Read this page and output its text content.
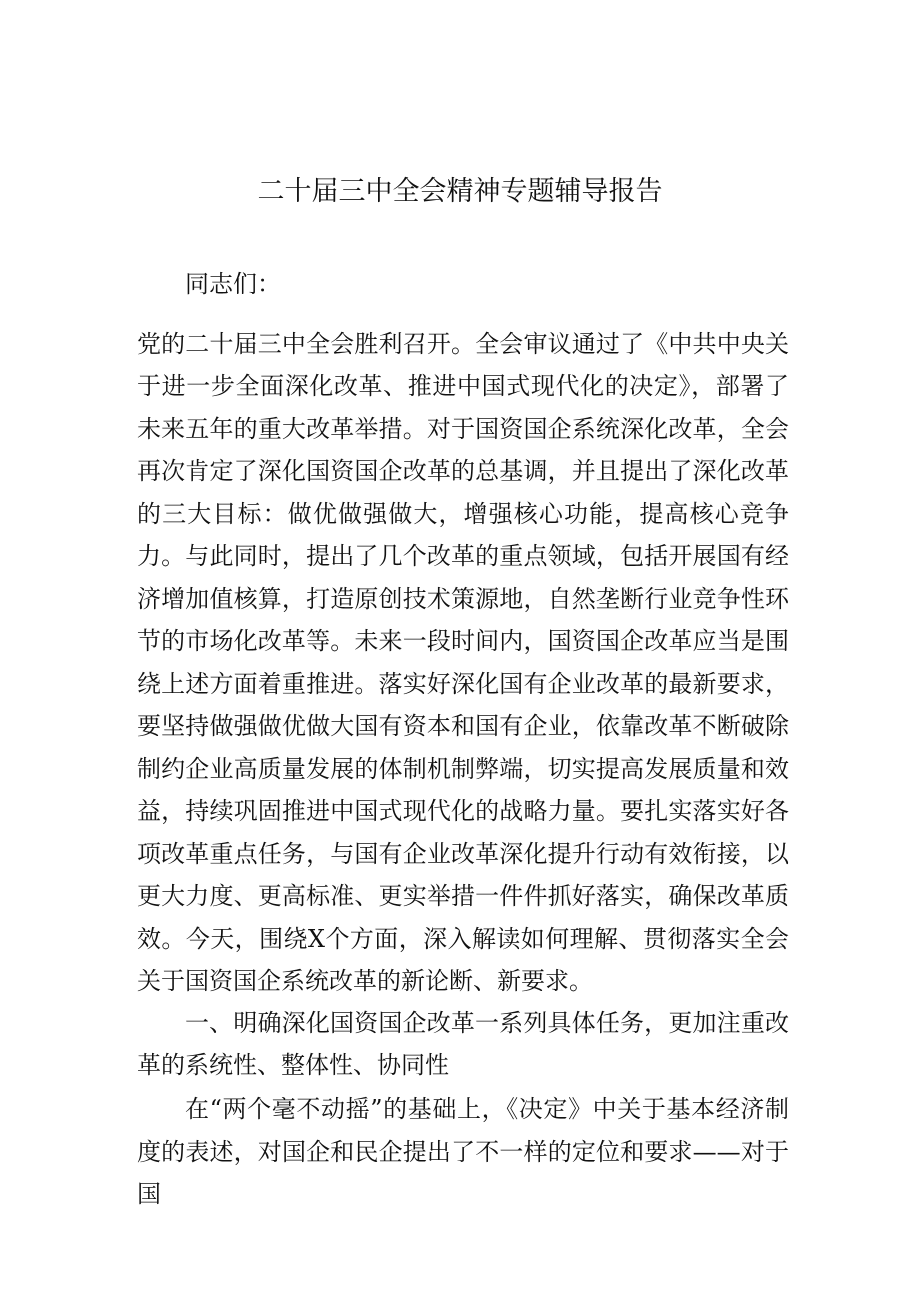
二十届三中全会精神专题辅导报告

同志们：

党的二十届三中全会胜利召开。全会审议通过了《中共中央关于进一步全面深化改革、推进中国式现代化的决定》，部署了未来五年的重大改革举措。对于国资国企系统深化改革，全会再次肯定了深化国资国企改革的总基调，并且提出了深化改革的三大目标：做优做强做大，增强核心功能，提高核心竞争力。与此同时，提出了几个改革的重点领域，包括开展国有经济增加值核算，打造原创技术策源地，自然垄断行业竞争性环节的市场化改革等。未来一段时间内，国资国企改革应当是围绕上述方面着重推进。落实好深化国有企业改革的最新要求，要坚持做强做优做大国有资本和国有企业，依靠改革不断破除制约企业高质量发展的体制机制弊端，切实提高发展质量和效益，持续巩固推进中国式现代化的战略力量。要扎实落实好各项改革重点任务，与国有企业改革深化提升行动有效衔接，以更大力度、更高标准、更实举措一件件抓好落实，确保改革质效。今天，围绕X个方面，深入解读如何理解、贯彻落实全会关于国资国企系统改革的新论断、新要求。

一、明确深化国资国企改革一系列具体任务，更加注重改革的系统性、整体性、协同性

在“两个毫不动摇”的基础上，《决定》中关于基本经济制度的表述，对国企和民企提出了不一样的定位和要求——对于国
